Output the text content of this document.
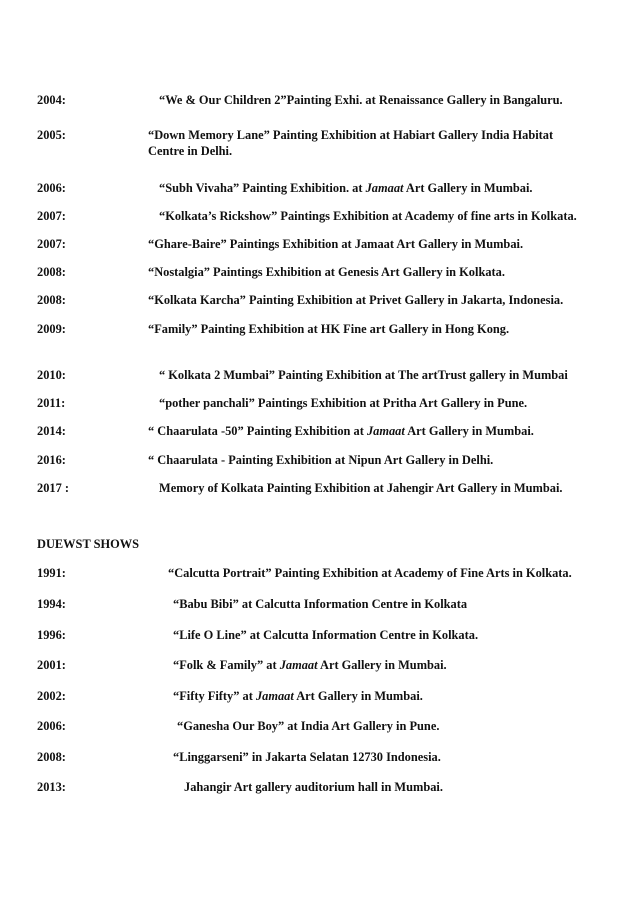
2004:	“We & Our Children 2”Painting Exhi. at Renaissance Gallery in Bangaluru.
2005:	“Down Memory Lane” Painting Exhibition at Habiart Gallery India Habitat
Centre in Delhi.
2006:	“Subh Vivaha” Painting Exhibition. at Jamaat Art Gallery in Mumbai.
2007:	“Kolkata’s Rickshow” Paintings Exhibition at Academy of fine arts in Kolkata.
2007:	“Ghare-Baire” Paintings Exhibition at Jamaat Art Gallery in Mumbai.
2008:	“Nostalgia” Paintings Exhibition at Genesis Art Gallery in Kolkata.
2008:	“Kolkata Karcha” Painting Exhibition at Privet Gallery in Jakarta, Indonesia.
2009:	“Family” Painting Exhibition at HK Fine art Gallery in Hong Kong.
2010:	“ Kolkata 2 Mumbai” Painting Exhibition at The artTrust gallery in Mumbai
2011:	“pother panchali” Paintings Exhibition at Pritha Art Gallery in Pune.
2014:	“ Chaarulata -50” Painting Exhibition at Jamaat Art Gallery in Mumbai.
2016:	“ Chaarulata - Painting Exhibition at Nipun Art Gallery in Delhi.
2017 :	Memory of Kolkata Painting Exhibition at Jahengir Art Gallery in Mumbai.
DUEWST SHOWS
1991:	“Calcutta Portrait” Painting Exhibition at Academy of Fine Arts in Kolkata.
1994:	“Babu Bibi” at Calcutta Information Centre in Kolkata
1996:	“Life O Line” at Calcutta Information Centre in Kolkata.
2001:	“Folk & Family” at Jamaat Art Gallery in Mumbai.
2002:	“Fifty Fifty” at Jamaat Art Gallery in Mumbai.
2006:	“Ganesha Our Boy” at India Art Gallery in Pune.
2008:	“Linggarseni” in Jakarta Selatan 12730 Indonesia.
2013:	Jahangir Art gallery auditorium hall in Mumbai.
